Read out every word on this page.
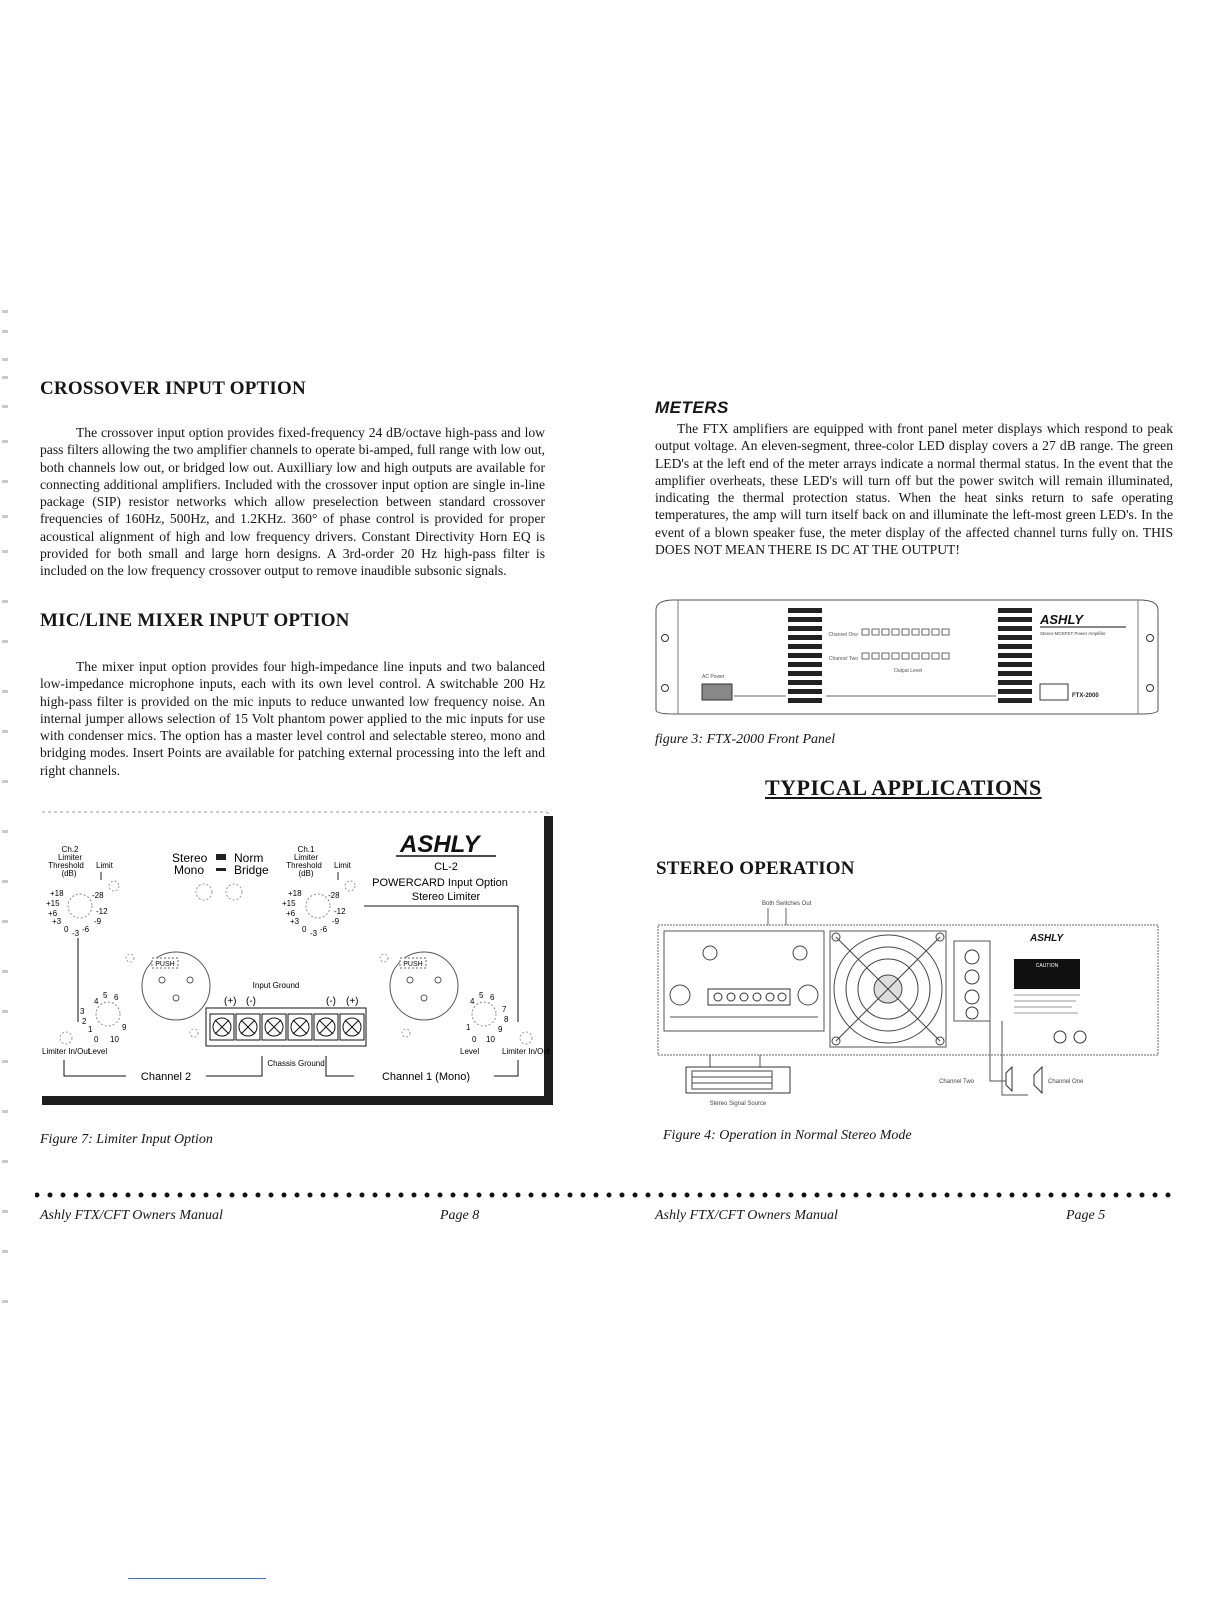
CROSSOVER INPUT OPTION

The crossover input option provides fixed-frequency 24 dB/octave high-pass and low pass filters allowing the two amplifier channels to operate bi-amped, full range with low out, both channels low out, or bridged low out. Auxilliary low and high outputs are available for connecting additional amplifiers. Included with the crossover input option are single in-line package (SIP) resistor networks which allow preselection between standard crossover frequencies of 160Hz, 500Hz, and 1.2KHz. 360° of phase control is provided for proper acoustical alignment of high and low frequency drivers. Constant Directivity Horn EQ is provided for both small and large horn designs. A 3rd-order 20 Hz high-pass filter is included on the low frequency crossover output to remove inaudible subsonic signals.

MIC/LINE MIXER INPUT OPTION

The mixer input option provides four high-impedance line inputs and two balanced low-impedance microphone inputs, each with its own level control. A switchable 200 Hz high-pass filter is provided on the mic inputs to reduce unwanted low frequency noise. An internal jumper allows selection of 15 Volt phantom power applied to the mic inputs for use with condenser mics. The option has a master level control and selectable stereo, mono and bridging modes. Insert Points are available for patching external processing into the left and right channels.

Ch.2
Limiter
Threshold
(dB)
Limit
+18
+15
+6
+3
0
-28
-12
-9
-6
-3
Stereo Norm
Mono Bridge
Ch.1
Limiter
Threshold
(dB)
Limit
+18
+15
+6
+3
0
-28
-12
-9
-6
-3
ASHLY
CL-2
POWERCARD Input Option
Stereo Limiter
PUSH	PUSH
Input Ground
(+) (-)	(-) (+)
Chassis Ground
4
5 6
3
2
1
0
9
10
Limiter In/Out
Level
4
5 6
7
8
9
1
0 10
Level	Limiter In/Out
Channel 2	Channel 1 (Mono)
Figure 7: Limiter Input Option
METERS

The FTX amplifiers are equipped with front panel meter displays which respond to peak output voltage. An eleven-segment, three-color LED display covers a 27 dB range. The green LED's at the left end of the meter arrays indicate a normal thermal status. In the event that the amplifier overheats, these LED's will turn off but the power switch will remain illuminated, indicating the thermal protection status. When the heat sinks return to safe operating temperatures, the amp will turn itself back on and illuminate the left-most green LED's. In the event of a blown speaker fuse, the meter display of the affected channel turns fully on. THIS DOES NOT MEAN THERE IS DC AT THE OUTPUT!

Channel One
Channel Two
Output Level
AC Power
ASHLY
Stereo MOSFET Power Amplifier
FTX-2000
figure 3: FTX-2000 Front Panel
TYPICAL APPLICATIONS
STEREO OPERATION
Both Switches Out
ASHLY
CAUTION
Stereo Signal Source
Channel Two	Channel One
Figure 4: Operation in Normal Stereo Mode
Ashly FTX/CFT Owners Manual	Page 8	Ashly FTX/CFT Owners Manual	Page 5
